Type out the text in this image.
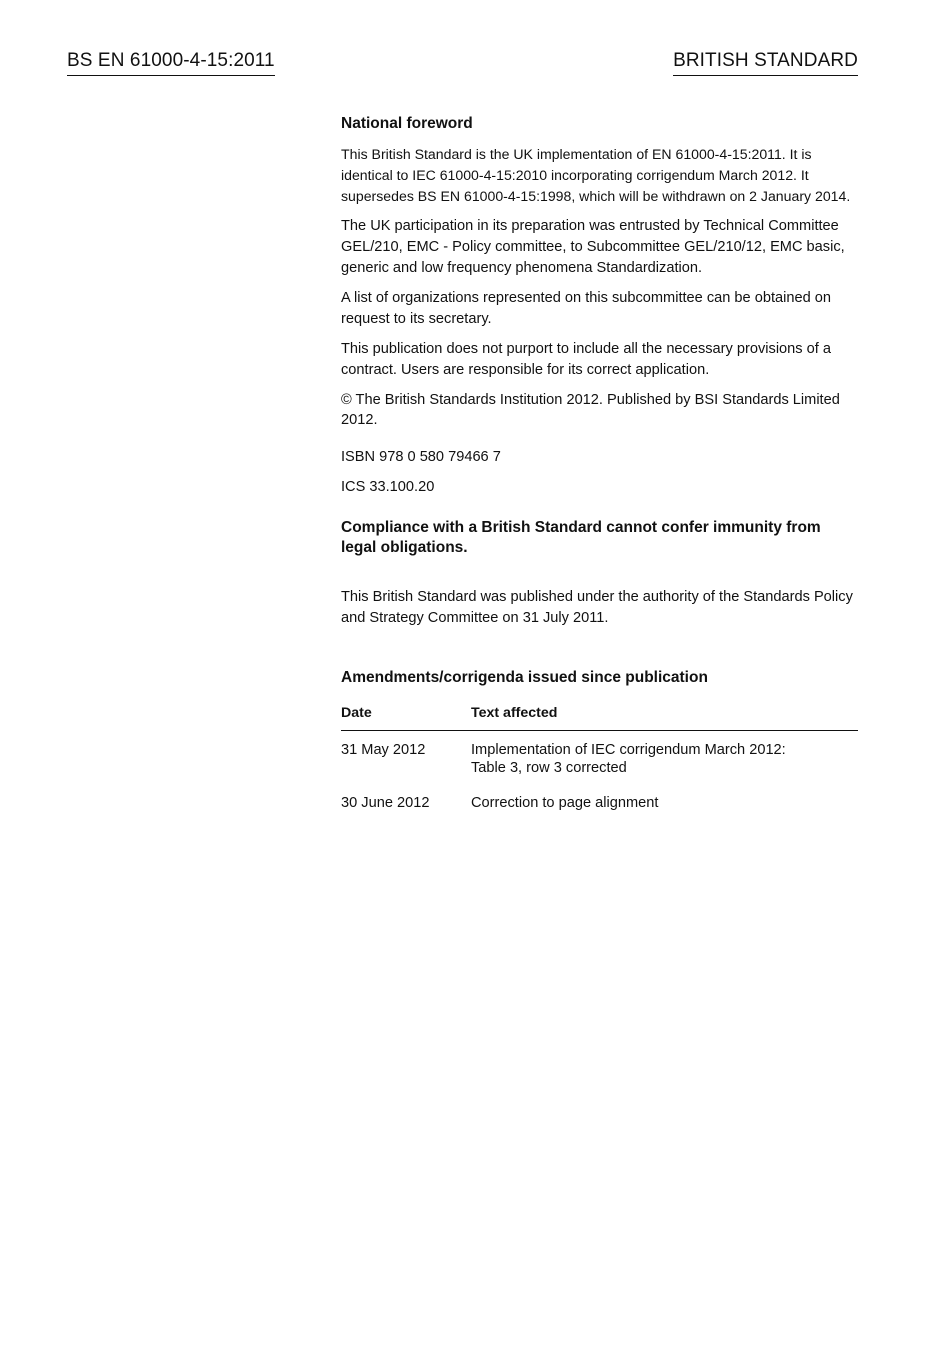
BS EN 61000-4-15:2011	BRITISH STANDARD
National foreword

This British Standard is the UK implementation of EN 61000-4-15:2011. It is identical to IEC 61000-4-15:2010 incorporating corrigendum March 2012. It supersedes BS EN 61000-4-15:1998, which will be withdrawn on 2 January 2014.

The UK participation in its preparation was entrusted by Technical Committee GEL/210, EMC - Policy committee, to Subcommittee GEL/210/12, EMC basic, generic and low frequency phenomena Standardization.

A list of organizations represented on this subcommittee can be obtained on request to its secretary.

This publication does not purport to include all the necessary provisions of a contract. Users are responsible for its correct application.

© The British Standards Institution 2012. Published by BSI Standards Limited 2012.

ISBN 978 0 580 79466 7

ICS 33.100.20

Compliance with a British Standard cannot confer immunity from legal obligations.

This British Standard was published under the authority of the Standards Policy and Strategy Committee on 31 July 2011.

Amendments/corrigenda issued since publication
Date	Text affected
31 May 2012	Implementation of IEC corrigendum March 2012:
Table 3, row 3 corrected

30 June 2012	Correction to page alignment
